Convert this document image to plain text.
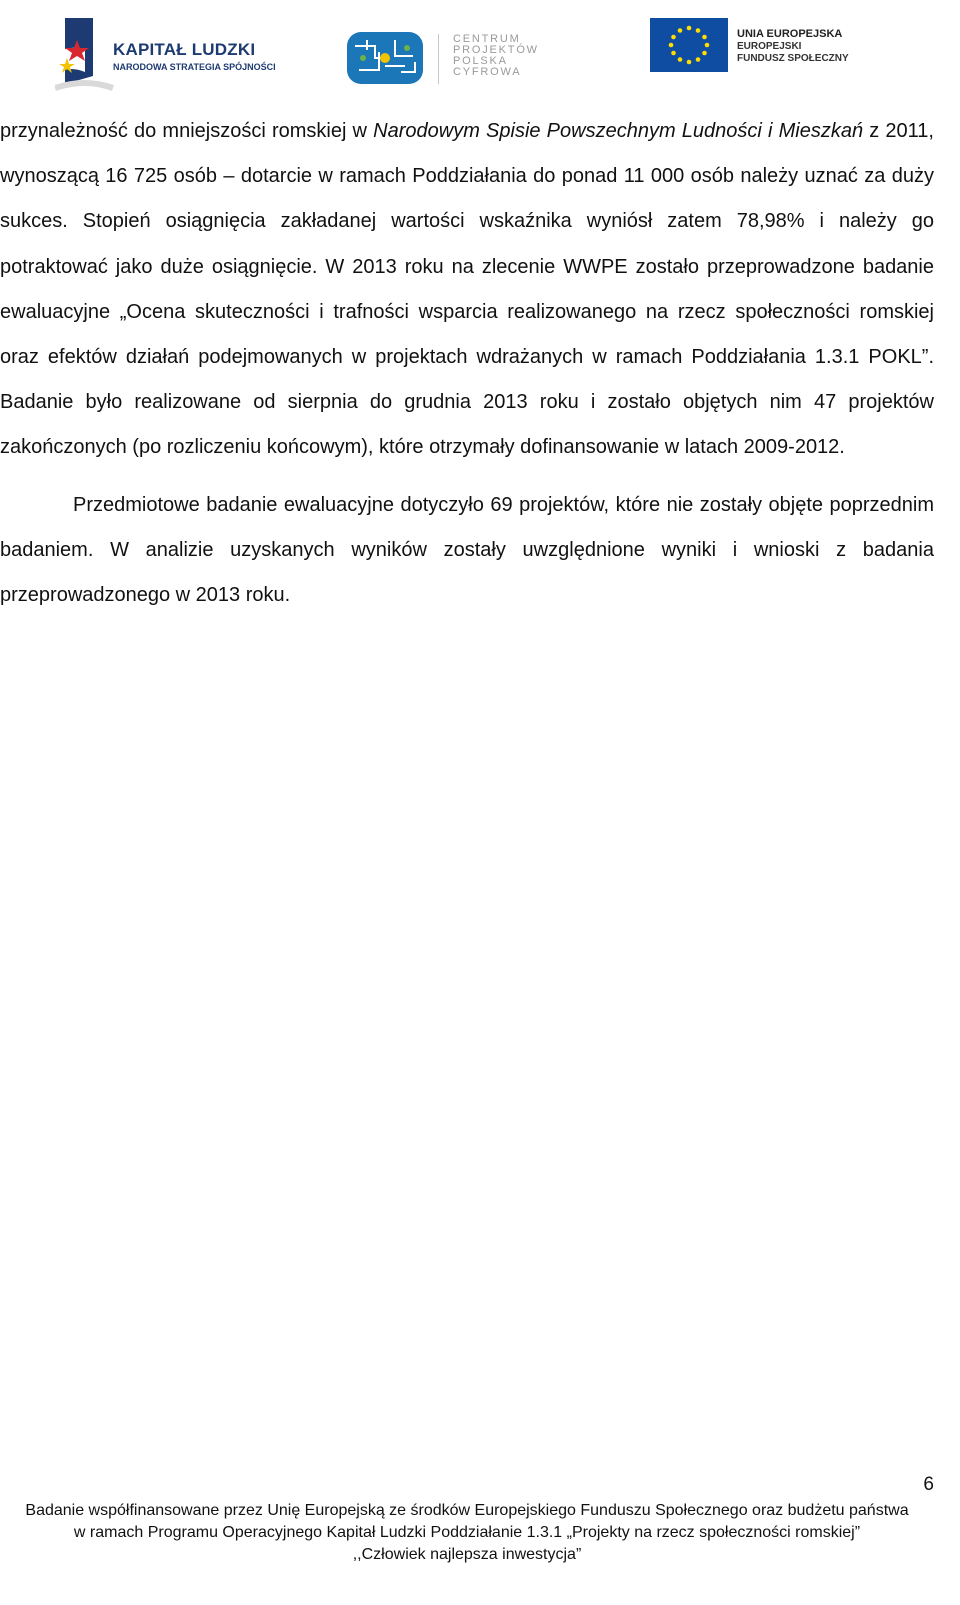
KAPITAŁ LUDZKI
NARODOWA STRATEGIA SPÓJNOŚCI
CENTRUM
PROJEKTÓW
POLSKA
CYFROWA
UNIA EUROPEJSKA
EUROPEJSKI
FUNDUSZ SPOŁECZNY

przynależność do mniejszości romskiej w Narodowym Spisie Powszechnym Ludności i Mieszkań z 2011, wynoszącą 16 725 osób – dotarcie w ramach Poddziałania do ponad 11 000 osób należy uznać za duży sukces. Stopień osiągnięcia zakładanej wartości wskaźnika wyniósł zatem 78,98% i należy go potraktować jako duże osiągnięcie. W 2013 roku na zlecenie WWPE zostało przeprowadzone badanie ewaluacyjne „Ocena skuteczności i trafności wsparcia realizowanego na rzecz społeczności romskiej oraz efektów działań podejmowanych w projektach wdrażanych w ramach Poddziałania 1.3.1 POKL”. Badanie było realizowane od sierpnia do grudnia 2013 roku i zostało objętych nim 47 projektów zakończonych (po rozliczeniu końcowym), które otrzymały dofinansowanie w latach 2009-2012.

Przedmiotowe badanie ewaluacyjne dotyczyło 69 projektów, które nie zostały objęte poprzednim badaniem. W analizie uzyskanych wyników zostały uwzględnione wyniki i wnioski z badania przeprowadzonego w 2013 roku.

6
Badanie współfinansowane przez Unię Europejską ze środków Europejskiego Funduszu Społecznego oraz budżetu państwa
w ramach Programu Operacyjnego Kapitał Ludzki Poddziałanie 1.3.1 „Projekty na rzecz społeczności romskiej”
,,Człowiek najlepsza inwestycja”
